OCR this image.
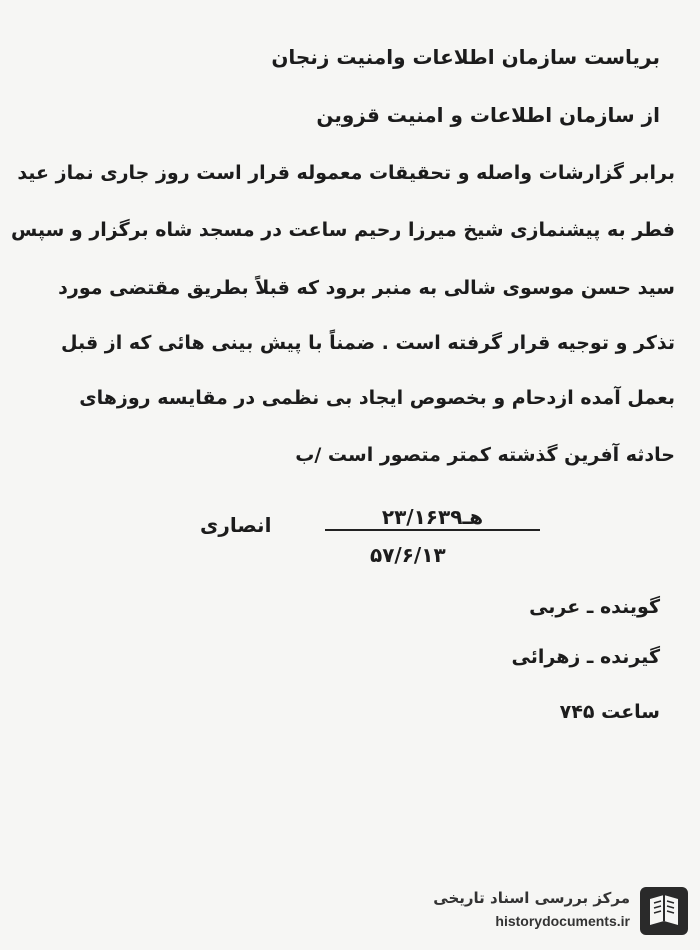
بریاست سازمان اطلاعات وامنیت زنجان
از سازمان اطلاعات و امنیت قزوین
برابر گزارشات واصله و تحقیقات معموله قرار است روز جاری نماز عید
فطر به پیشنمازی شیخ میرزا رحیم ساعت در مسجد شاه برگزار و سپس
سید حسن موسوی شالی به منبر برود که قبلاً بطریق مقتضی مورد
تذکر و توجیه قرار گرفته است . ضمناً با پیش بینی هائی که از قبل
بعمل آمده ازدحام و بخصوص ایجاد بی نظمی در مقایسه روزهای
حادثه آفرین گذشته کمتر متصور است /ب
انصاری	۲۳/۱۶۳۹هـ
۵۷/۶/۱۳
گوینده ـ عربی
گیرنده ـ زهرائی
ساعت ۷۴۵
مرکز بررسی اسناد تاریخی
historydocuments.ir
